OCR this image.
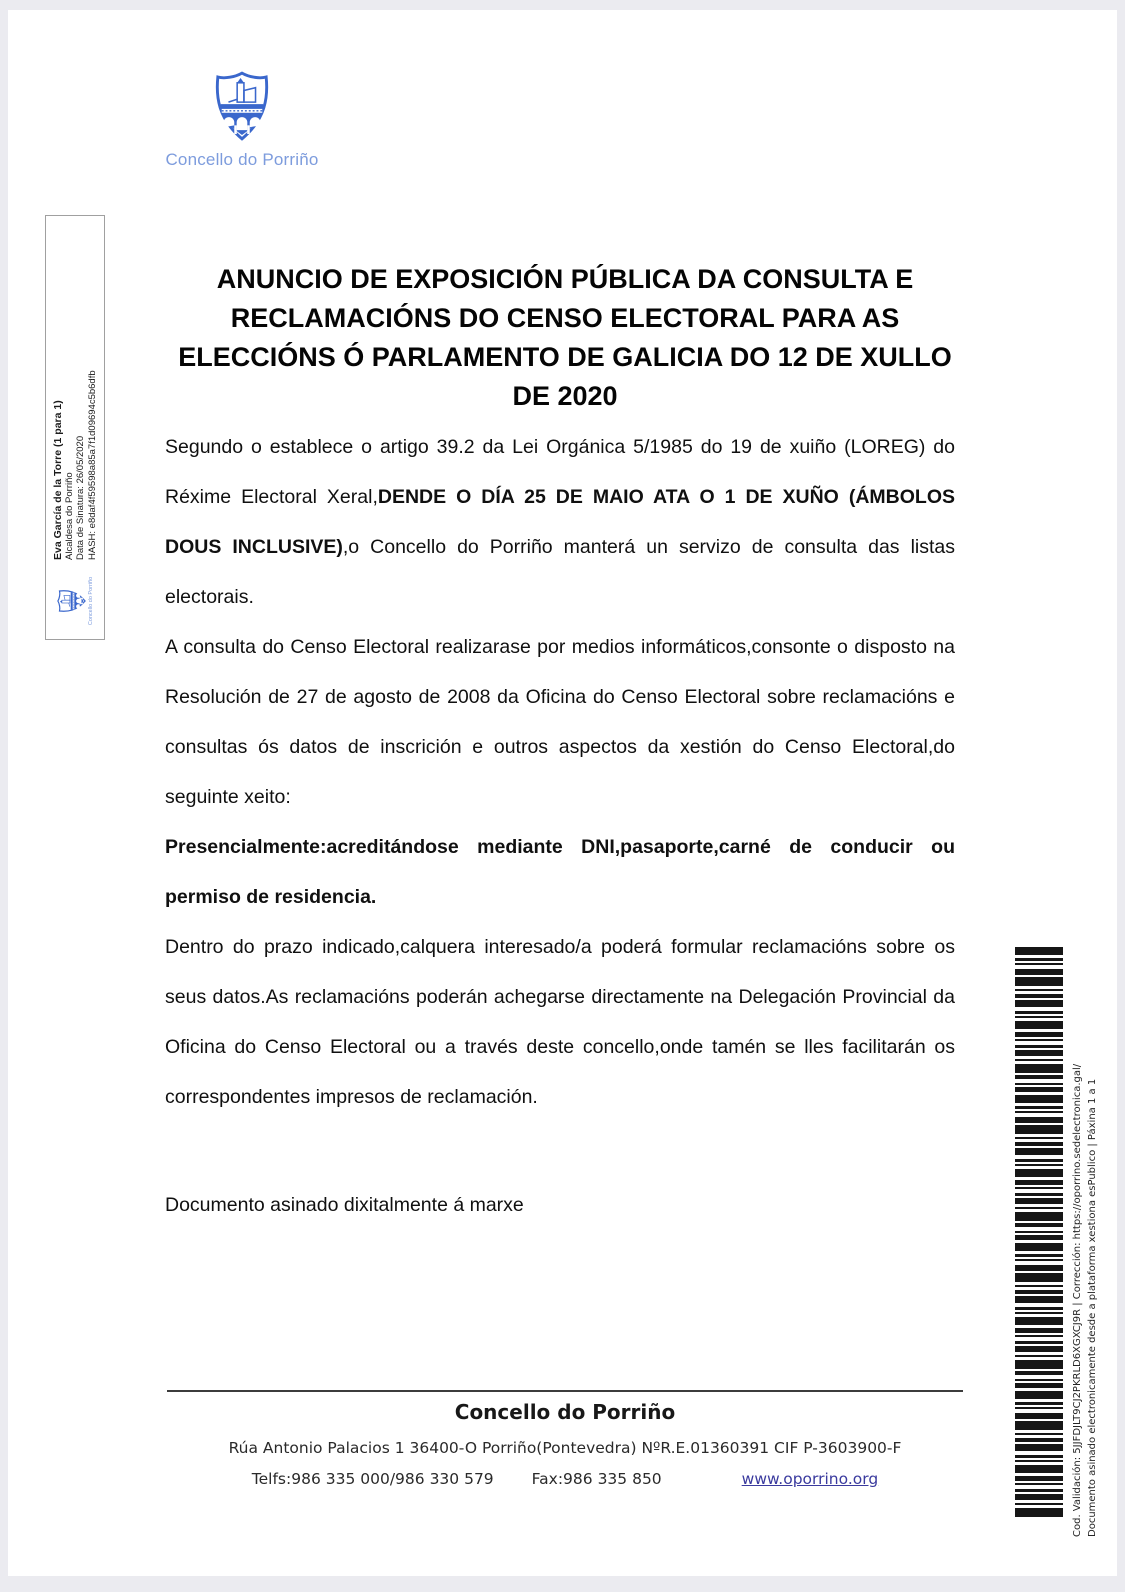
Concello do Porriño
Concello do Porriño
Eva García de la Torre (1 para 1) Alcaldesa do Porriño Data de Sinatura: 26/05/2020 HASH: e8daf4f59598a85a7f1d09694c5b6dfb
ANUNCIO DE EXPOSICIÓN PÚBLICA DA CONSULTA E RECLAMACIÓNS DO CENSO ELECTORAL PARA AS ELECCIÓNS Ó PARLAMENTO DE GALICIA DO 12 DE XULLO DE 2020

Segundo o establece o artigo 39.2 da Lei Orgánica 5/1985 do 19 de xuiño (LOREG) do Réxime Electoral Xeral,DENDE O DÍA 25 DE MAIO ATA O 1 DE XUÑO (ÁMBOLOS DOUS INCLUSIVE),o Concello do Porriño manterá un servizo de consulta das listas electorais.

A consulta do Censo Electoral realizarase por medios informáticos,consonte o disposto na Resolución de 27 de agosto de 2008 da Oficina do Censo Electoral sobre reclamacións e consultas ós datos de inscrición e outros aspectos da xestión do Censo Electoral,do seguinte xeito:

Presencialmente:acreditándose mediante DNI,pasaporte,carné de conducir ou permiso de residencia.

Dentro do prazo indicado,calquera interesado/a poderá formular reclamacións sobre os seus datos.As reclamacións poderán achegarse directamente na Delegación Provincial da Oficina do Censo Electoral ou a través deste concello,onde tamén se lles facilitarán os correspondentes impresos de reclamación.

Documento asinado dixitalmente á marxe

Concello do Porriño
Rúa Antonio Palacios 1 36400-O Porriño(Pontevedra) NºR.E.01360391 CIF P-3603900-F
Telfs:986 335 000/986 330 579 Fax:986 335 850	www.oporrino.org	Cod. Validación: 5JJFDJLT9CJ2PKRLD6XGXCJ9R | Corrección: https://oporrino.sedelectronica.gal/ Documento asinado electronicamente desde a plataforma xestiona esPublico | Páxina 1 a 1
